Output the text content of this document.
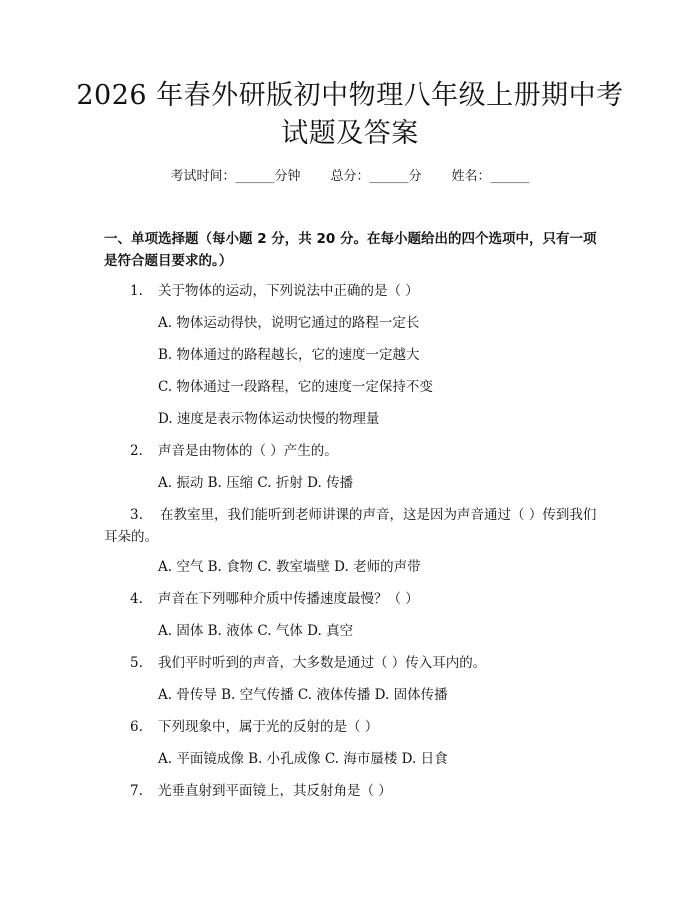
2026 年春外研版初中物理八年级上册期中考
试题及答案
考试时间：______分钟 总分：______分 姓名：______
一、单项选择题（每小题 2 分，共 20 分。在每小题给出的四个选项中，只有一项是符合题目要求的。）
1. 关于物体的运动，下列说法中正确的是（ ）
A. 物体运动得快，说明它通过的路程一定长
B. 物体通过的路程越长，它的速度一定越大
C. 物体通过一段路程，它的速度一定保持不变
D. 速度是表示物体运动快慢的物理量
2. 声音是由物体的（ ）产生的。
A. 振动 B. 压缩 C. 折射 D. 传播
3. 在教室里，我们能听到老师讲课的声音，这是因为声音通过（ ）传到我们耳朵的。
A. 空气 B. 食物 C. 教室墙壁 D. 老师的声带
4. 声音在下列哪种介质中传播速度最慢？（ ）
A. 固体 B. 液体 C. 气体 D. 真空
5. 我们平时听到的声音，大多数是通过（ ）传入耳内的。
A. 骨传导 B. 空气传播 C. 液体传播 D. 固体传播
6. 下列现象中，属于光的反射的是（ ）
A. 平面镜成像 B. 小孔成像 C. 海市蜃楼 D. 日食
7. 光垂直射到平面镜上，其反射角是（ ）
